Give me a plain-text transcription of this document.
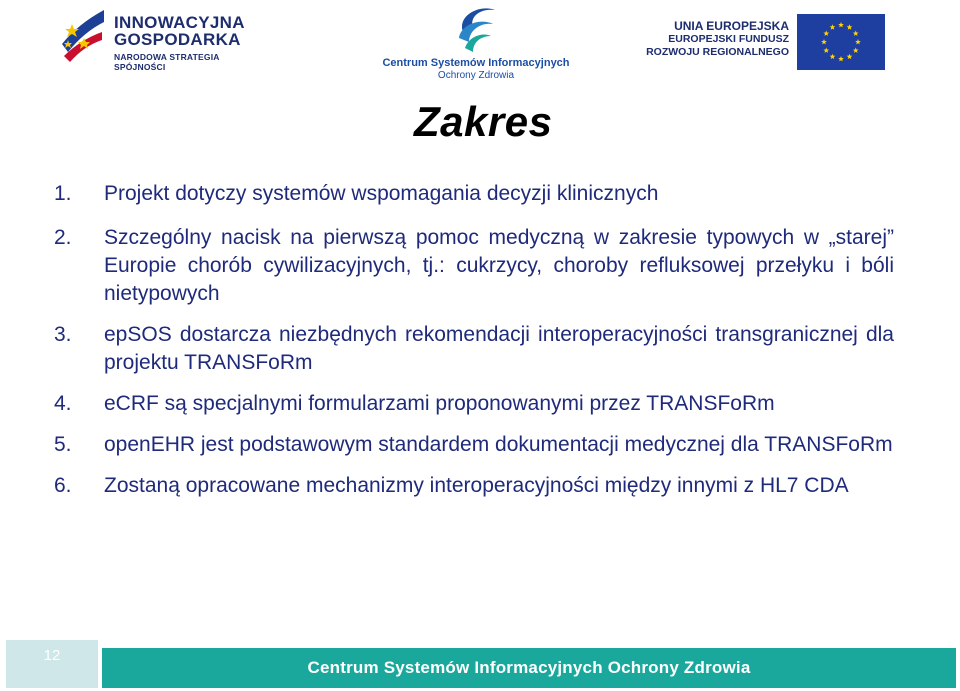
INNOWACYJNA
GOSPODARKA
NARODOWA STRATEGIA SPÓJNOŚCI	Centrum Systemów Informacyjnych
Ochrony Zdrowia
UNIA EUROPEJSKA
EUROPEJSKI FUNDUSZ
ROZWOJU REGIONALNEGO
Zakres
1. Projekt dotyczy systemów wspomagania decyzji klinicznych
2. Szczególny nacisk na pierwszą pomoc medyczną w zakresie typowych w „starej” Europie chorób cywilizacyjnych, tj.: cukrzycy, choroby refluksowej przełyku i bóli nietypowych
3. epSOS dostarcza niezbędnych rekomendacji interoperacyjności transgranicznej dla projektu TRANSFoRm
4. eCRF są specjalnymi formularzami proponowanymi przez TRANSFoRm
5. openEHR jest podstawowym standardem dokumentacji medycznej dla TRANSFoRm
6. Zostaną opracowane mechanizmy interoperacyjności między innymi z HL7 CDA
12
Centrum Systemów Informacyjnych Ochrony Zdrowia
